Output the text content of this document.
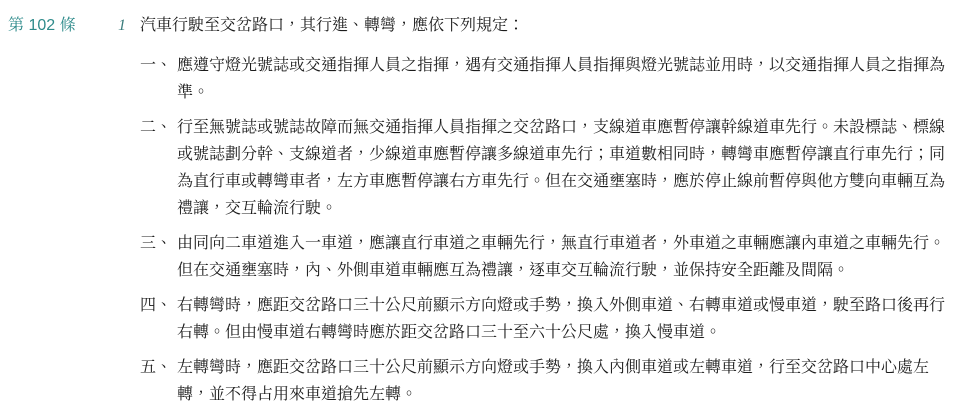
第 102 條	1 汽車行駛至交岔路口，其行進、轉彎，應依下列規定：

一、 應遵守燈光號誌或交通指揮人員之指揮，遇有交通指揮人員指揮與燈光號誌並用時，以交通指揮人員之指揮為準。
二、 行至無號誌或號誌故障而無交通指揮人員指揮之交岔路口，支線道車應暫停讓幹線道車先行。未設標誌、標線或號誌劃分幹、支線道者，少線道車應暫停讓多線道車先行；車道數相同時，轉彎車應暫停讓直行車先行；同為直行車或轉彎車者，左方車應暫停讓右方車先行。但在交通壅塞時，應於停止線前暫停與他方雙向車輛互為禮讓，交互輪流行駛。
三、 由同向二車道進入一車道，應讓直行車道之車輛先行，無直行車道者，外車道之車輛應讓內車道之車輛先行。但在交通壅塞時，內、外側車道車輛應互為禮讓，逐車交互輪流行駛，並保持安全距離及間隔。
四、 右轉彎時，應距交岔路口三十公尺前顯示方向燈或手勢，換入外側車道、右轉車道或慢車道，駛至路口後再行右轉。但由慢車道右轉彎時應於距交岔路口三十至六十公尺處，換入慢車道。
五、 左轉彎時，應距交岔路口三十公尺前顯示方向燈或手勢，換入內側車道或左轉車道，行至交岔路口中心處左轉，並不得占用來車道搶先左轉。
